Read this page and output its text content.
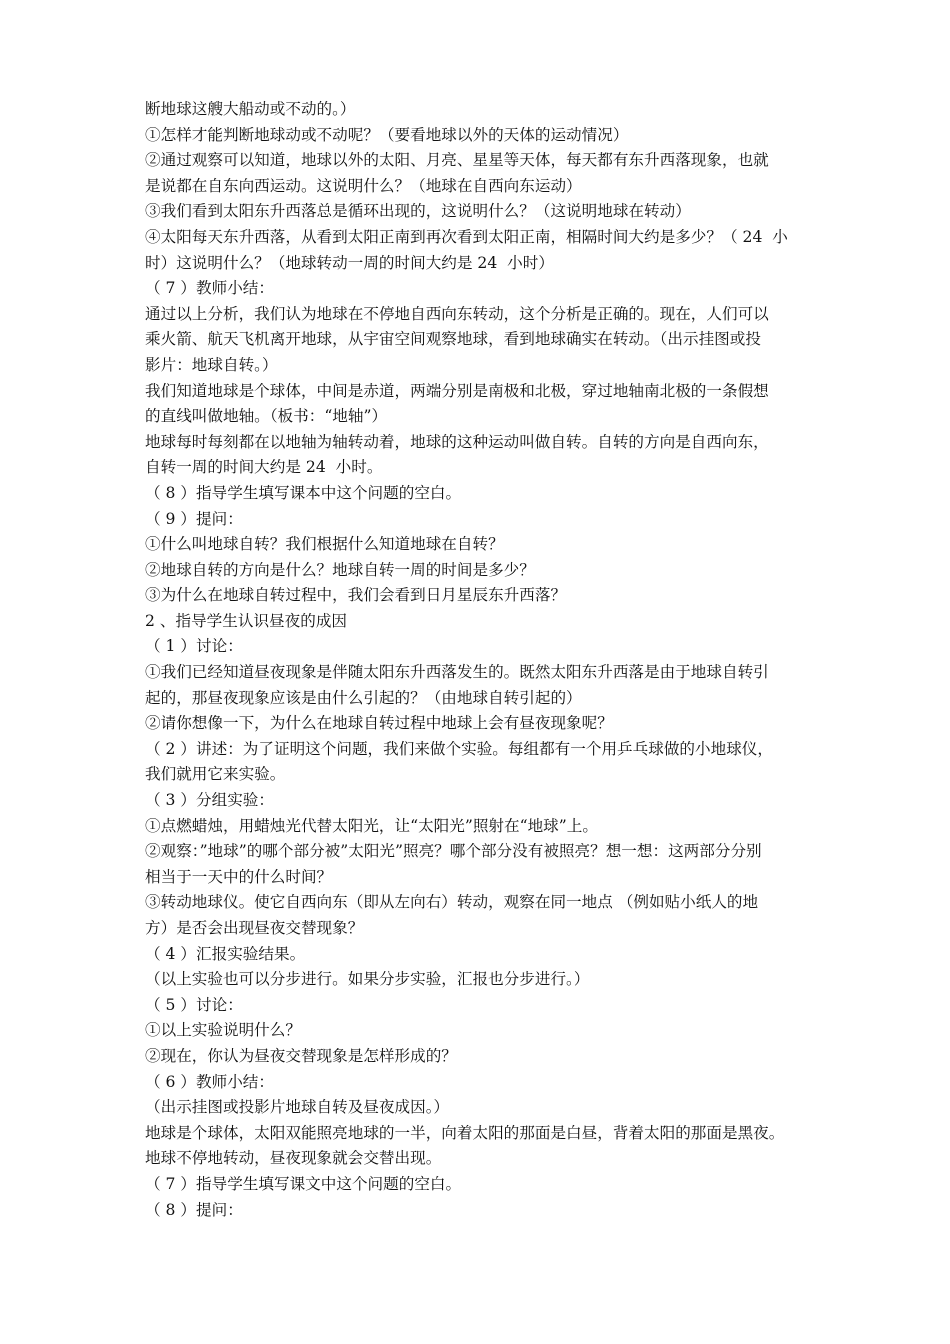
断地球这艘大船动或不动的。）

①怎样才能判断地球动或不动呢？（要看地球以外的天体的运动情况）

②通过观察可以知道，地球以外的太阳、月亮、星星等天体，每天都有东升西落现象，也就

是说都在自东向西运动。这说明什么？（地球在自西向东运动）

③我们看到太阳东升西落总是循环出现的，这说明什么？（这说明地球在转动）

④太阳每天东升西落，从看到太阳正南到再次看到太阳正南，相隔时间大约是多少？（ 24  小

时）这说明什么？（地球转动一周的时间大约是 24  小时）

（ 7 ）教师小结：

通过以上分析，我们认为地球在不停地自西向东转动，这个分析是正确的。现在，人们可以

乘火箭、航天飞机离开地球，从宇宙空间观察地球，看到地球确实在转动。（出示挂图或投

影片：地球自转。）

我们知道地球是个球体，中间是赤道，两端分别是南极和北极，穿过地轴南北极的一条假想

的直线叫做地轴。（板书：“地轴”）

地球每时每刻都在以地轴为轴转动着，地球的这种运动叫做自转。自转的方向是自西向东，

自转一周的时间大约是 24  小时。

（ 8 ）指导学生填写课本中这个问题的空白。

（ 9 ）提问：

①什么叫地球自转？我们根据什么知道地球在自转？

②地球自转的方向是什么？地球自转一周的时间是多少？

③为什么在地球自转过程中，我们会看到日月星辰东升西落？

2 、指导学生认识昼夜的成因

（ 1 ）讨论：

①我们已经知道昼夜现象是伴随太阳东升西落发生的。既然太阳东升西落是由于地球自转引

起的，那昼夜现象应该是由什么引起的？（由地球自转引起的）

②请你想像一下，为什么在地球自转过程中地球上会有昼夜现象呢？

（ 2 ）讲述：为了证明这个问题，我们来做个实验。每组都有一个用乒乓球做的小地球仪，

我们就用它来实验。

（ 3 ）分组实验：

①点燃蜡烛，用蜡烛光代替太阳光，让“太阳光”照射在“地球”上。

②观察：”地球”的哪个部分被”太阳光”照亮？哪个部分没有被照亮？想一想：这两部分分别

相当于一天中的什么时间？

③转动地球仪。使它自西向东（即从左向右）转动，观察在同一地点 （例如贴小纸人的地

方）是否会出现昼夜交替现象？

（ 4 ）汇报实验结果。

（以上实验也可以分步进行。如果分步实验，汇报也分步进行。）

（ 5 ）讨论：

①以上实验说明什么？

②现在，你认为昼夜交替现象是怎样形成的？

（ 6 ）教师小结：

（出示挂图或投影片地球自转及昼夜成因。）

地球是个球体，太阳双能照亮地球的一半，向着太阳的那面是白昼，背着太阳的那面是黑夜。

地球不停地转动，昼夜现象就会交替出现。

（ 7 ）指导学生填写课文中这个问题的空白。

（ 8 ）提问：
